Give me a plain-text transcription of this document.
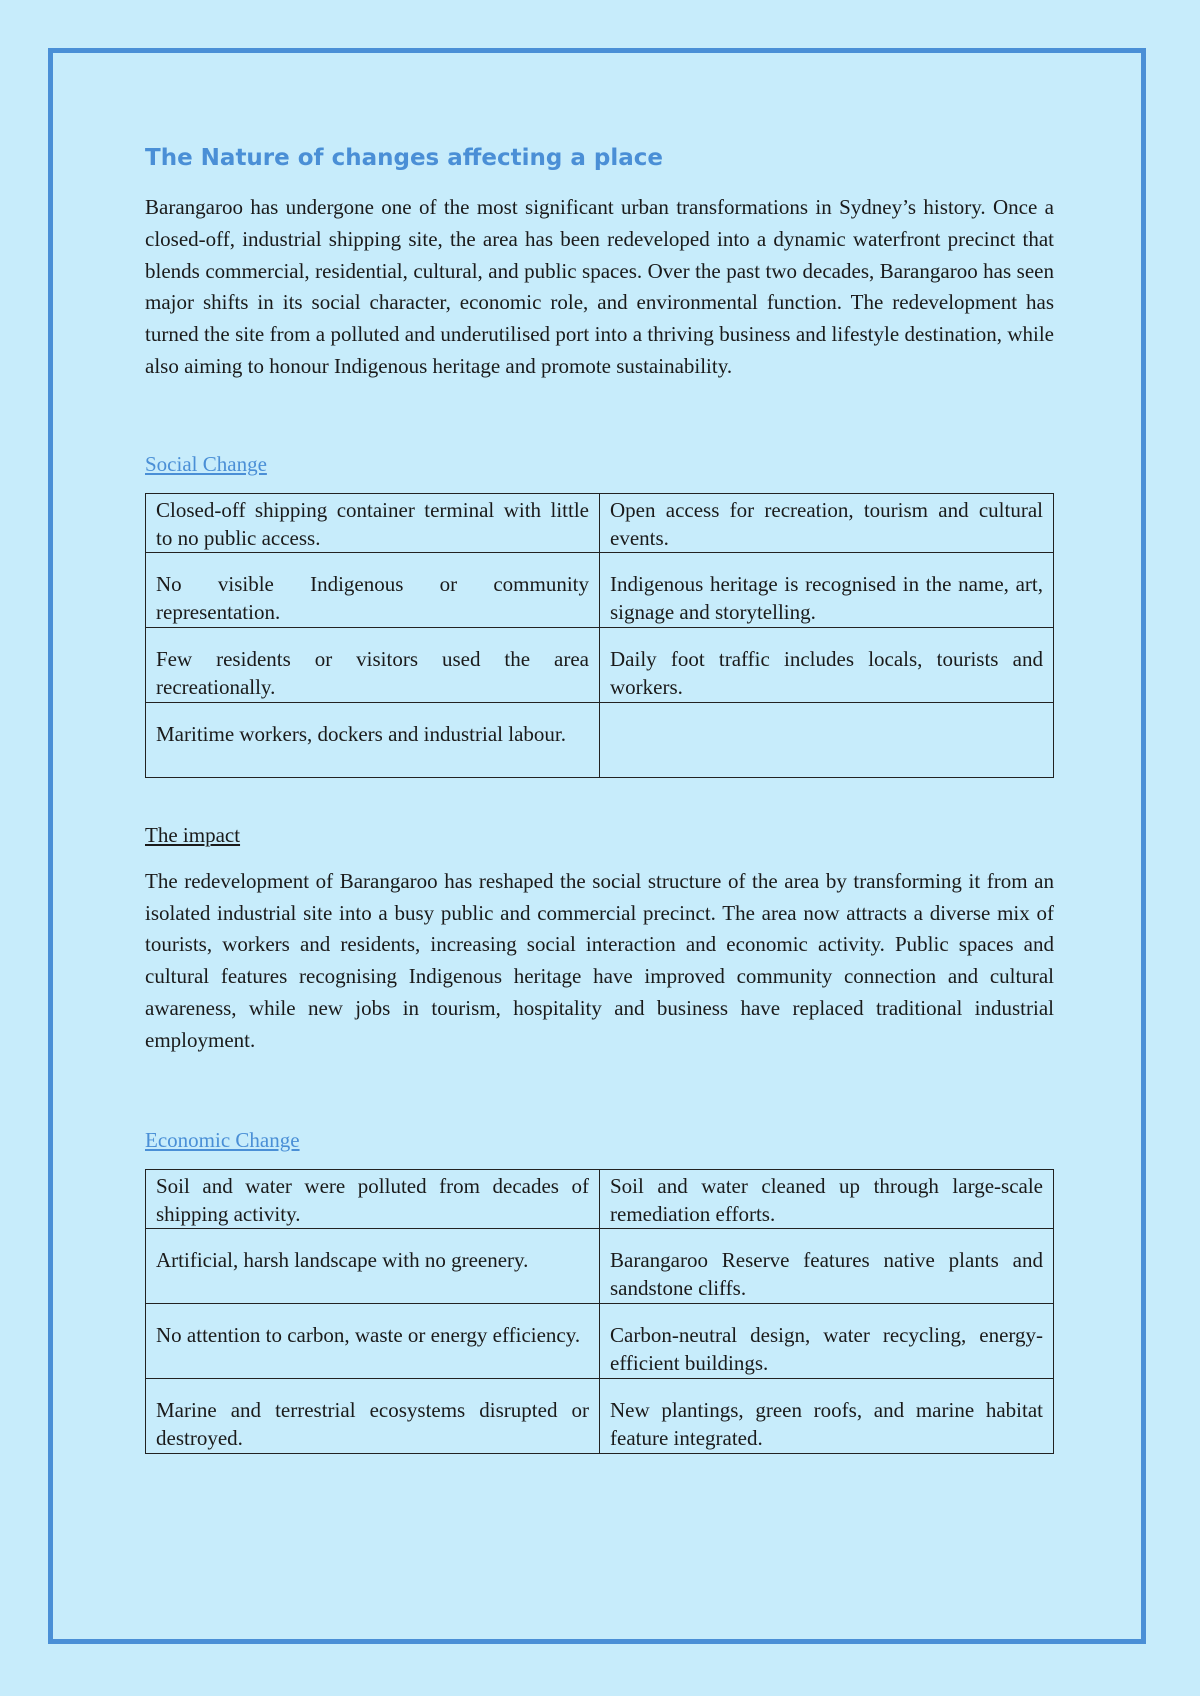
The Nature of changes affecting a place

Barangaroo has undergone one of the most significant urban transformations in Sydney’s history. Once a closed-off, industrial shipping site, the area has been redeveloped into a dynamic waterfront precinct that blends commercial, residential, cultural, and public spaces. Over the past two decades, Barangaroo has seen major shifts in its social character, economic role, and environmental function. The redevelopment has turned the site from a polluted and underutilised port into a thriving business and lifestyle destination, while also aiming to honour Indigenous heritage and promote sustainability.

Social Change

Closed-off shipping container terminal with little to no public access.	Open access for recreation, tourism and cultural events.
No visible Indigenous or community representation.	Indigenous heritage is recognised in the name, art, signage and storytelling.
Few residents or visitors used the area recreationally.	Daily foot traffic includes locals, tourists and workers.
Maritime workers, dockers and industrial labour.	

The impact

The redevelopment of Barangaroo has reshaped the social structure of the area by transforming it from an isolated industrial site into a busy public and commercial precinct. The area now attracts a diverse mix of tourists, workers and residents, increasing social interaction and economic activity. Public spaces and cultural features recognising Indigenous heritage have improved community connection and cultural awareness, while new jobs in tourism, hospitality and business have replaced traditional industrial employment.

Economic Change

Soil and water were polluted from decades of shipping activity.	Soil and water cleaned up through large-scale remediation efforts.
Artificial, harsh landscape with no greenery.	Barangaroo Reserve features native plants and sandstone cliffs.
No attention to carbon, waste or energy efficiency.	Carbon-neutral design, water recycling, energy-efficient buildings.
Marine and terrestrial ecosystems disrupted or destroyed.	New plantings, green roofs, and marine habitat feature integrated.
